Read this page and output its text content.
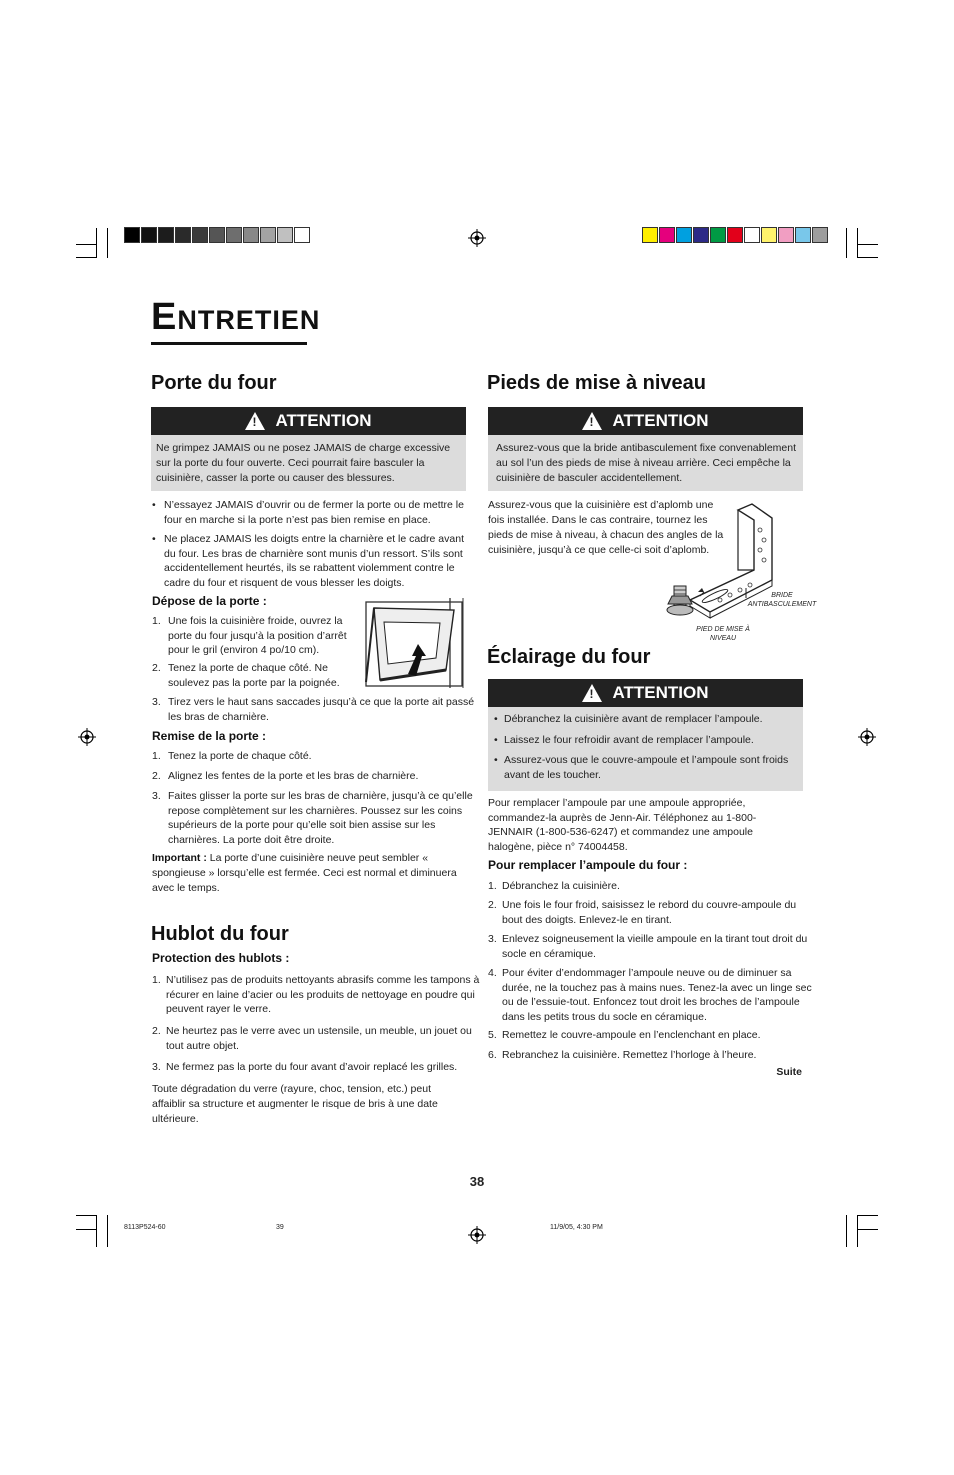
Entretien
Porte du four
! ATTENTION
Ne grimpez JAMAIS ou ne posez JAMAIS de charge excessive sur la porte du four ouverte. Ceci pourrait faire basculer la cuisinière, casser la porte ou causer des blessures.
• N’essayez JAMAIS d’ouvrir ou de fermer la porte ou de mettre le four en marche si la porte n’est pas bien remise en place.
• Ne placez JAMAIS les doigts entre la charnière et le cadre avant du four. Les bras de charnière sont munis d’un ressort. S’ils sont accidentellement heurtés, ils se rabattent violemment contre le cadre du four et risquent de vous blesser les doigts.
Dépose de la porte :
1. Une fois la cuisinière froide, ouvrez la porte du four jusqu’à la position d’arrêt pour le gril (environ 4 po/10 cm).
2. Tenez la porte de chaque côté. Ne soulevez pas la porte par la poignée.
3. Tirez vers le haut sans saccades jusqu’à ce que la porte ait passé les bras de charnière.
Remise de la porte :
1. Tenez la porte de chaque côté.
2. Alignez les fentes de la porte et les bras de charnière.
3. Faites glisser la porte sur les bras de charnière, jusqu’à ce qu’elle repose complètement sur les charnières. Poussez sur les coins supérieurs de la porte pour qu’elle soit bien assise sur les charnières. La porte doit être droite.
Important : La porte d’une cuisinière neuve peut sembler « spongieuse » lorsqu’elle est fermée. Ceci est normal et diminuera avec le temps.
Hublot du four
Protection des hublots :
1. N’utilisez pas de produits nettoyants abrasifs comme les tampons à récurer en laine d’acier ou les produits de nettoyage en poudre qui peuvent rayer le verre.
2. Ne heurtez pas le verre avec un ustensile, un meuble, un jouet ou tout autre objet.
3. Ne fermez pas la porte du four avant d’avoir replacé les grilles.
Toute dégradation du verre (rayure, choc, tension, etc.) peut affaiblir sa structure et augmenter le risque de bris à une date ultérieure.
Pieds de mise à niveau
! ATTENTION
Assurez-vous que la bride antibasculement fixe convenablement au sol l’un des pieds de mise à niveau arrière. Ceci empêche la cuisinière de basculer accidentellement.
Assurez-vous que la cuisinière est d’aplomb une fois installée. Dans le cas contraire, tournez les pieds de mise à niveau, à chacun des angles de la cuisinière, jusqu’à ce que celle-ci soit d’aplomb.
BRIDE ANTIBASCULEMENT
PIED DE MISE À NIVEAU
Éclairage du four
! ATTENTION
• Débranchez la cuisinière avant de remplacer l’ampoule.
• Laissez le four refroidir avant de remplacer l’ampoule.
• Assurez-vous que le couvre-ampoule et l’ampoule sont froids avant de les toucher.
Pour remplacer l’ampoule par une ampoule appropriée, commandez-la auprès de Jenn-Air. Téléphonez au 1-800-JENNAIR (1-800-536-6247) et commandez une ampoule halogène, pièce n° 74004458.
Pour remplacer l’ampoule du four :
1. Débranchez la cuisinière.
2. Une fois le four froid, saisissez le rebord du couvre-ampoule du bout des doigts. Enlevez-le en tirant.
3. Enlevez soigneusement la vieille ampoule en la tirant tout droit du socle en céramique.
4. Pour éviter d’endommager l’ampoule neuve ou de diminuer sa durée, ne la touchez pas à mains nues. Tenez-la avec un linge sec ou de l’essuie-tout. Enfoncez tout droit les broches de l’ampoule dans les petits trous du socle en céramique.
5. Remettez le couvre-ampoule en l’enclenchant en place.
6. Rebranchez la cuisinière. Remettez l’horloge à l’heure.
Suite
38
8113P524-60	39	11/9/05, 4:30 PM
